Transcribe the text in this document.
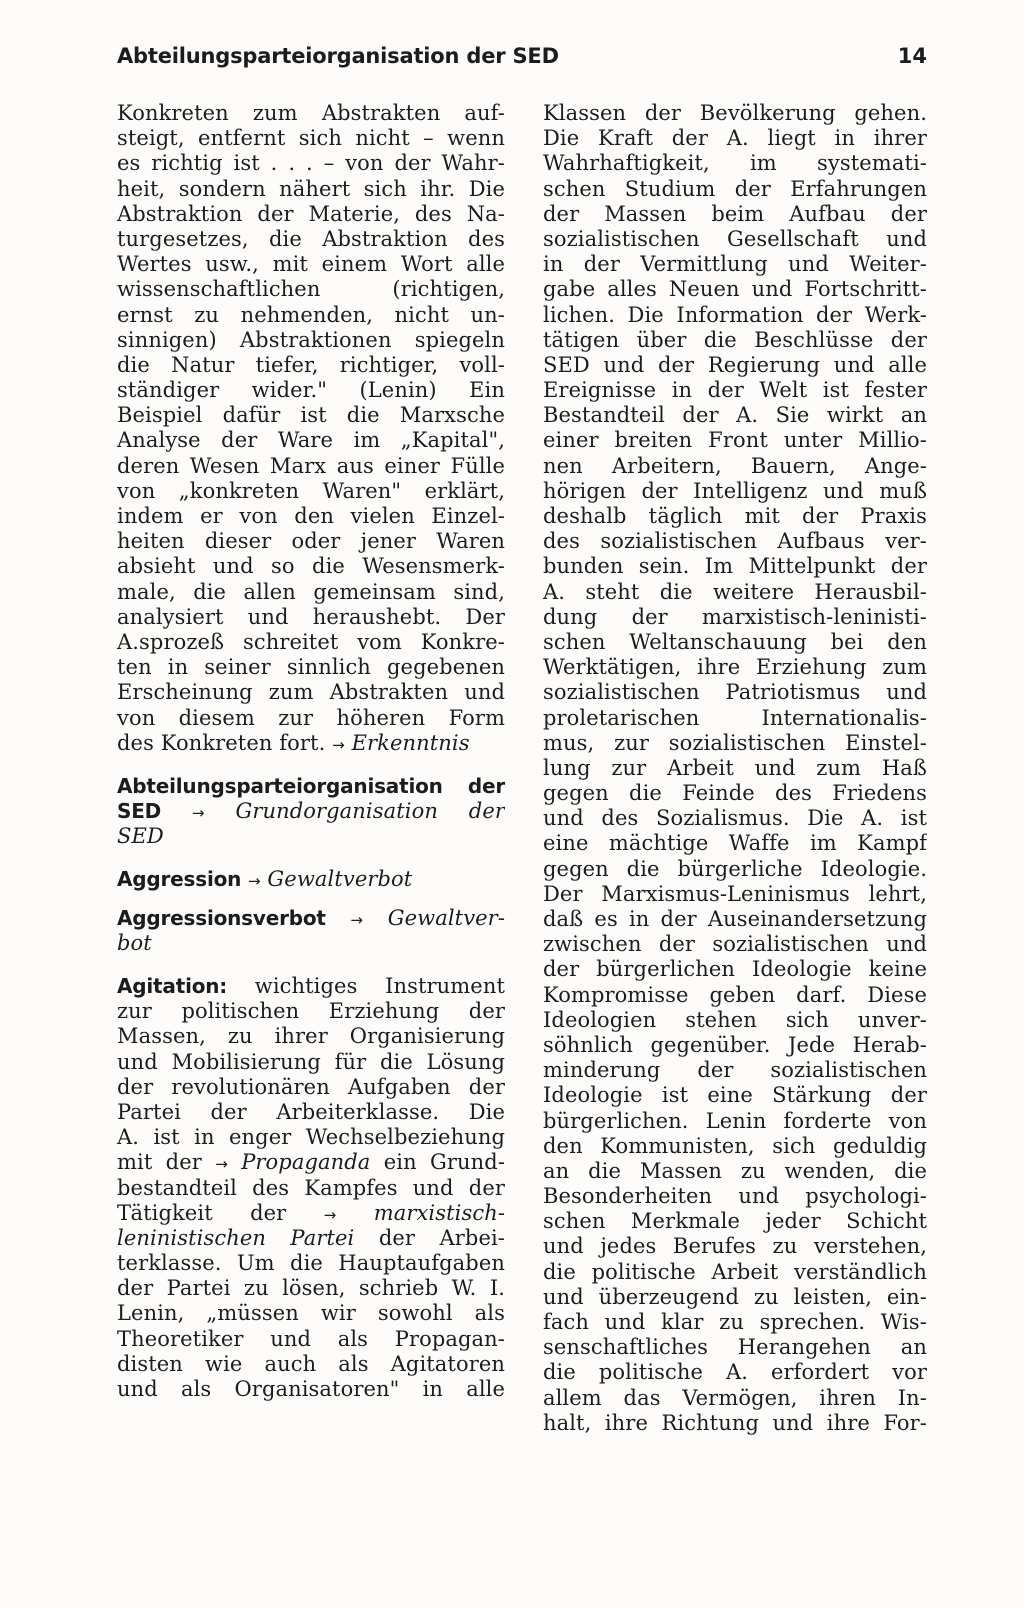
Abteilungsparteiorganisation der SED	14
Konkreten zum Abstrakten auf-
steigt, entfernt sich nicht – wenn
es richtig ist . . . – von der Wahr-
heit, sondern nähert sich ihr. Die
Abstraktion der Materie, des Na-
turgesetzes, die Abstraktion des
Wertes usw., mit einem Wort alle
wissenschaftlichen (richtigen,
ernst zu nehmenden, nicht un-
sinnigen) Abstraktionen spiegeln
die Natur tiefer, richtiger, voll-
ständiger wider." (Lenin) Ein
Beispiel dafür ist die Marxsche
Analyse der Ware im „Kapital",
deren Wesen Marx aus einer Fülle
von „konkreten Waren" erklärt,
indem er von den vielen Einzel-
heiten dieser oder jener Waren
absieht und so die Wesensmerk-
male, die allen gemeinsam sind,
analysiert und heraushebt. Der
A.sprozeß schreitet vom Konkre-
ten in seiner sinnlich gegebenen
Erscheinung zum Abstrakten und
von diesem zur höheren Form
des Konkreten fort. → Erkenntnis
Abteilungsparteiorganisation der
SED → Grundorganisation der
SED
Aggression → Gewaltverbot
Aggressionsverbot → Gewaltver-
bot
Agitation: wichtiges Instrument
zur politischen Erziehung der
Massen, zu ihrer Organisierung
und Mobilisierung für die Lösung
der revolutionären Aufgaben der
Partei der Arbeiterklasse. Die
A. ist in enger Wechselbeziehung
mit der → Propaganda ein Grund-
bestandteil des Kampfes und der
Tätigkeit der → marxistisch-
leninistischen Partei der Arbei-
terklasse. Um die Hauptaufgaben
der Partei zu lösen, schrieb W. I.
Lenin, „müssen wir sowohl als
Theoretiker und als Propagan-
disten wie auch als Agitatoren
und als Organisatoren" in alle
Klassen der Bevölkerung gehen.
Die Kraft der A. liegt in ihrer
Wahrhaftigkeit, im systemati-
schen Studium der Erfahrungen
der Massen beim Aufbau der
sozialistischen Gesellschaft und
in der Vermittlung und Weiter-
gabe alles Neuen und Fortschritt-
lichen. Die Information der Werk-
tätigen über die Beschlüsse der
SED und der Regierung und alle
Ereignisse in der Welt ist fester
Bestandteil der A. Sie wirkt an
einer breiten Front unter Millio-
nen Arbeitern, Bauern, Ange-
hörigen der Intelligenz und muß
deshalb täglich mit der Praxis
des sozialistischen Aufbaus ver-
bunden sein. Im Mittelpunkt der
A. steht die weitere Herausbil-
dung der marxistisch-leninisti-
schen Weltanschauung bei den
Werktätigen, ihre Erziehung zum
sozialistischen Patriotismus und
proletarischen Internationalis-
mus, zur sozialistischen Einstel-
lung zur Arbeit und zum Haß
gegen die Feinde des Friedens
und des Sozialismus. Die A. ist
eine mächtige Waffe im Kampf
gegen die bürgerliche Ideologie.
Der Marxismus-Leninismus lehrt,
daß es in der Auseinandersetzung
zwischen der sozialistischen und
der bürgerlichen Ideologie keine
Kompromisse geben darf. Diese
Ideologien stehen sich unver-
söhnlich gegenüber. Jede Herab-
minderung der sozialistischen
Ideologie ist eine Stärkung der
bürgerlichen. Lenin forderte von
den Kommunisten, sich geduldig
an die Massen zu wenden, die
Besonderheiten und psychologi-
schen Merkmale jeder Schicht
und jedes Berufes zu verstehen,
die politische Arbeit verständlich
und überzeugend zu leisten, ein-
fach und klar zu sprechen. Wis-
senschaftliches Herangehen an
die politische A. erfordert vor
allem das Vermögen, ihren In-
halt, ihre Richtung und ihre For-
